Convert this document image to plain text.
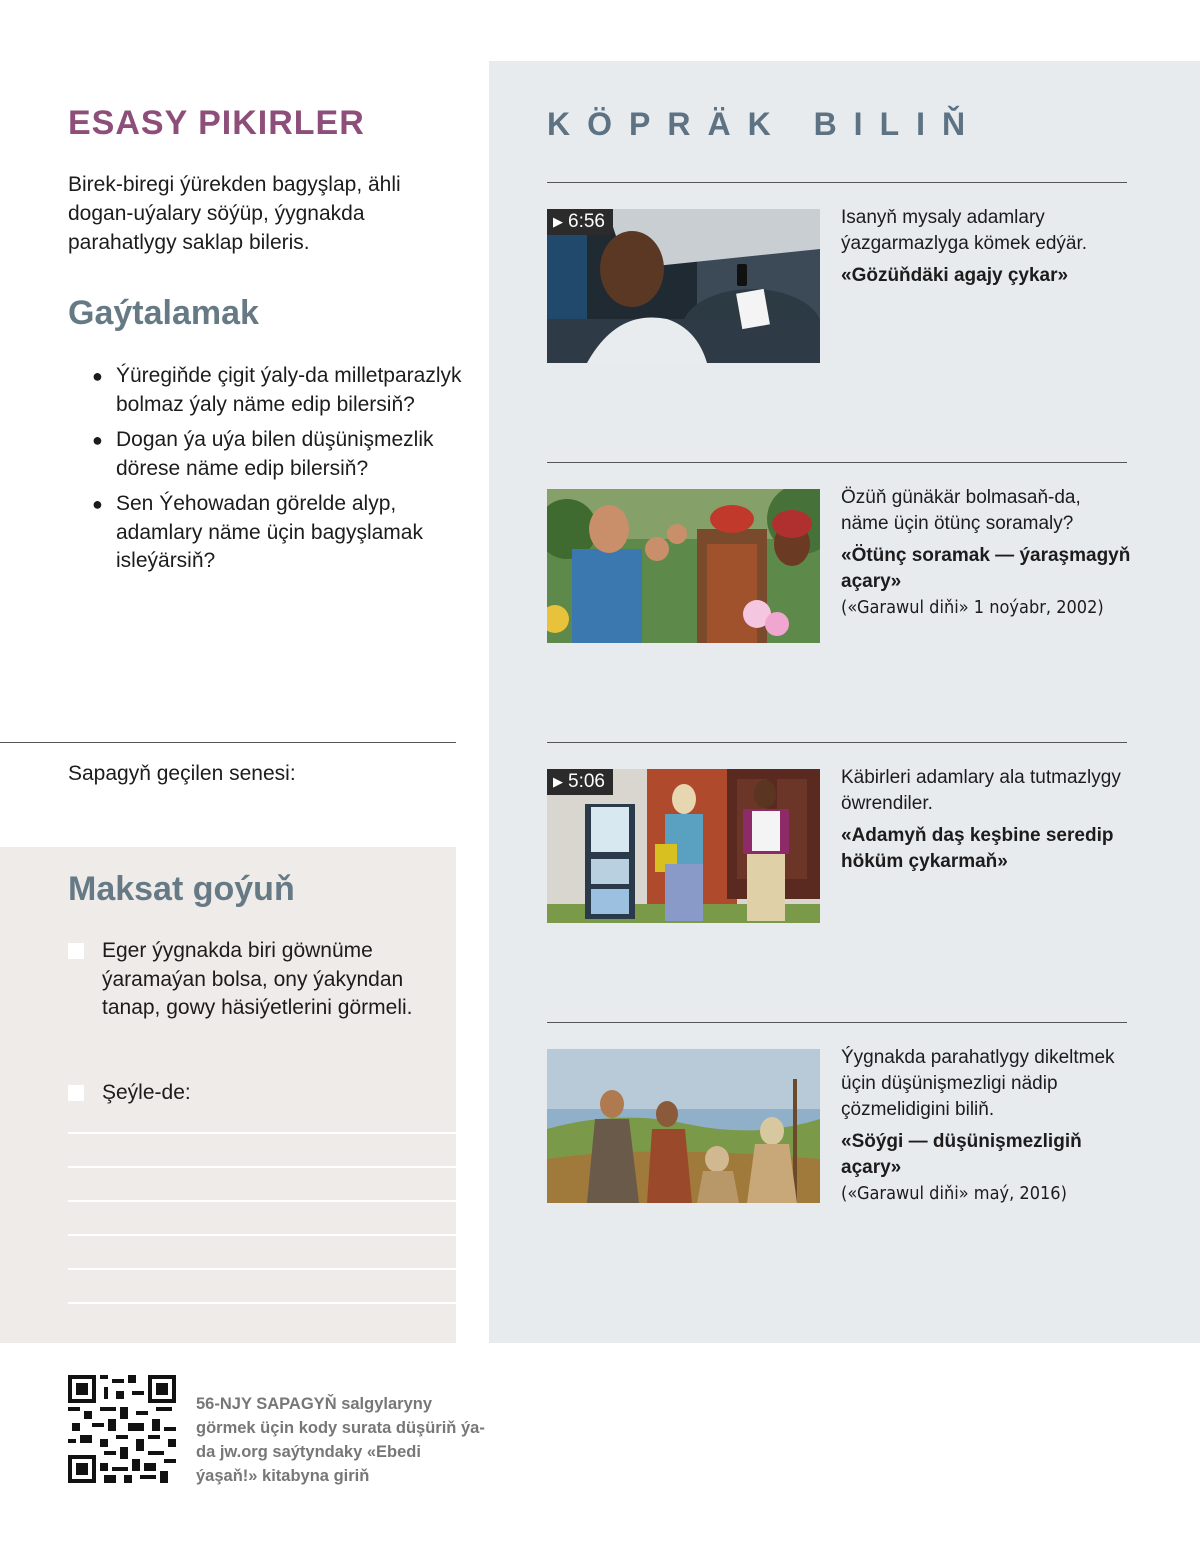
ESASY PIKIRLER
Birek-biregi ýürekden bagyşlap, ähli dogan-uýalary söýüp, ýygnakda parahatlygy saklap bileris.
Gaýtalamak
● Ýüregiňde çigit ýaly-da milletparazlyk bolmaz ýaly näme edip bilersiň?
● Dogan ýa uýa bilen düşünişmezlik dörese näme edip bilersiň?
● Sen Ýehowadan görelde alyp, adamlary näme üçin bagyşlamak isleýärsiň?
Sapagyň geçilen senesi:
Maksat goýuň
Eger ýygnakda biri göwnüme ýaramaýan bolsa, ony ýakyndan tanap, gowy häsiýetlerini görmeli.
Şeýle-de:
KÖPRÄK BILIŇ
▶ 6:56	Isanyň mysaly adamlary ýazgarmazlyga kömek edýär.
«Gözüňdäki agajy çykar»
Özüň günäkär bolmasaň-da, näme üçin ötünç soramaly?
«Ötünç soramak — ýaraşmagyň açary»
(«Garawul diňi» 1 noýabr, 2002)
▶ 5:06	Käbirleri adamlary ala tutmazlygy öwrendiler.
«Adamyň daş keşbine seredip höküm çykarmaň»
Ýygnakda parahatlygy dikeltmek üçin düşünişmezligi nädip çözmelidigini biliň.
«Söýgi — düşünişmezligiň açary»
(«Garawul diňi» maý, 2016)
56-NJY SAPAGYŇ salgylaryny görmek üçin kody surata düşüriň ýa-da jw.org saýtyndaky «Ebedi ýaşaň!» kitabyna giriň
